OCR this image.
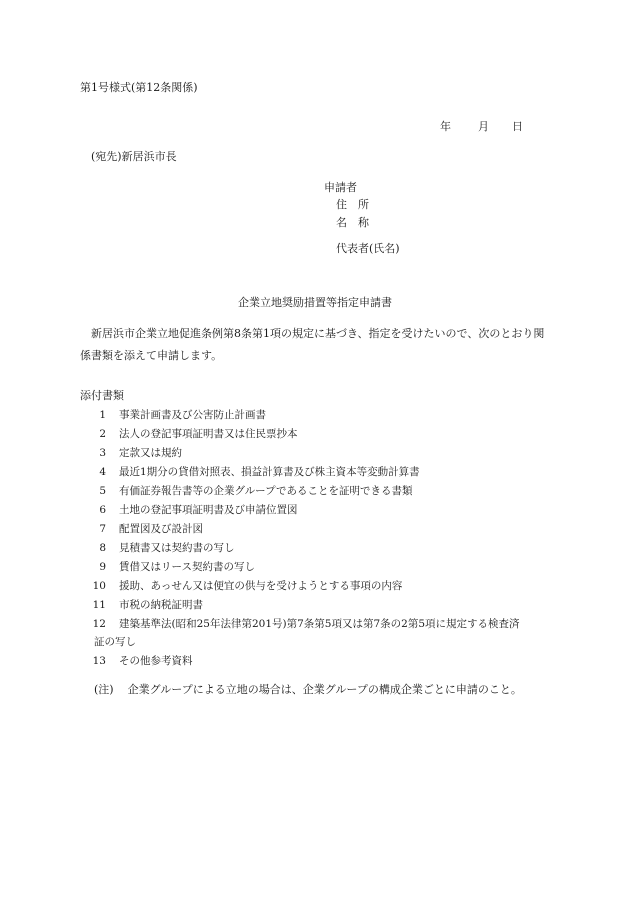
第1号様式(第12条関係)
年 月 日
(宛先)新居浜市長
申請者
住　所
名　称
代表者(氏名)
企業立地奨励措置等指定申請書
新居浜市企業立地促進条例第8条第1項の規定に基づき、指定を受けたいので、次のとおり関係書類を添えて申請します。
添付書類
1 事業計画書及び公害防止計画書
2 法人の登記事項証明書又は住民票抄本
3 定款又は規約
4 最近1期分の貸借対照表、損益計算書及び株主資本等変動計算書
5 有価証券報告書等の企業グループであることを証明できる書類
6 土地の登記事項証明書及び申請位置図
7 配置図及び設計図
8 見積書又は契約書の写し
9 賃借又はリース契約書の写し
10 援助、あっせん又は便宜の供与を受けようとする事項の内容
11 市税の納税証明書
12 建築基準法(昭和25年法律第201号)第7条第5項又は第7条の2第5項に規定する検査済
証の写し
13 その他参考資料
(注) 企業グループによる立地の場合は、企業グループの構成企業ごとに申請のこと。
